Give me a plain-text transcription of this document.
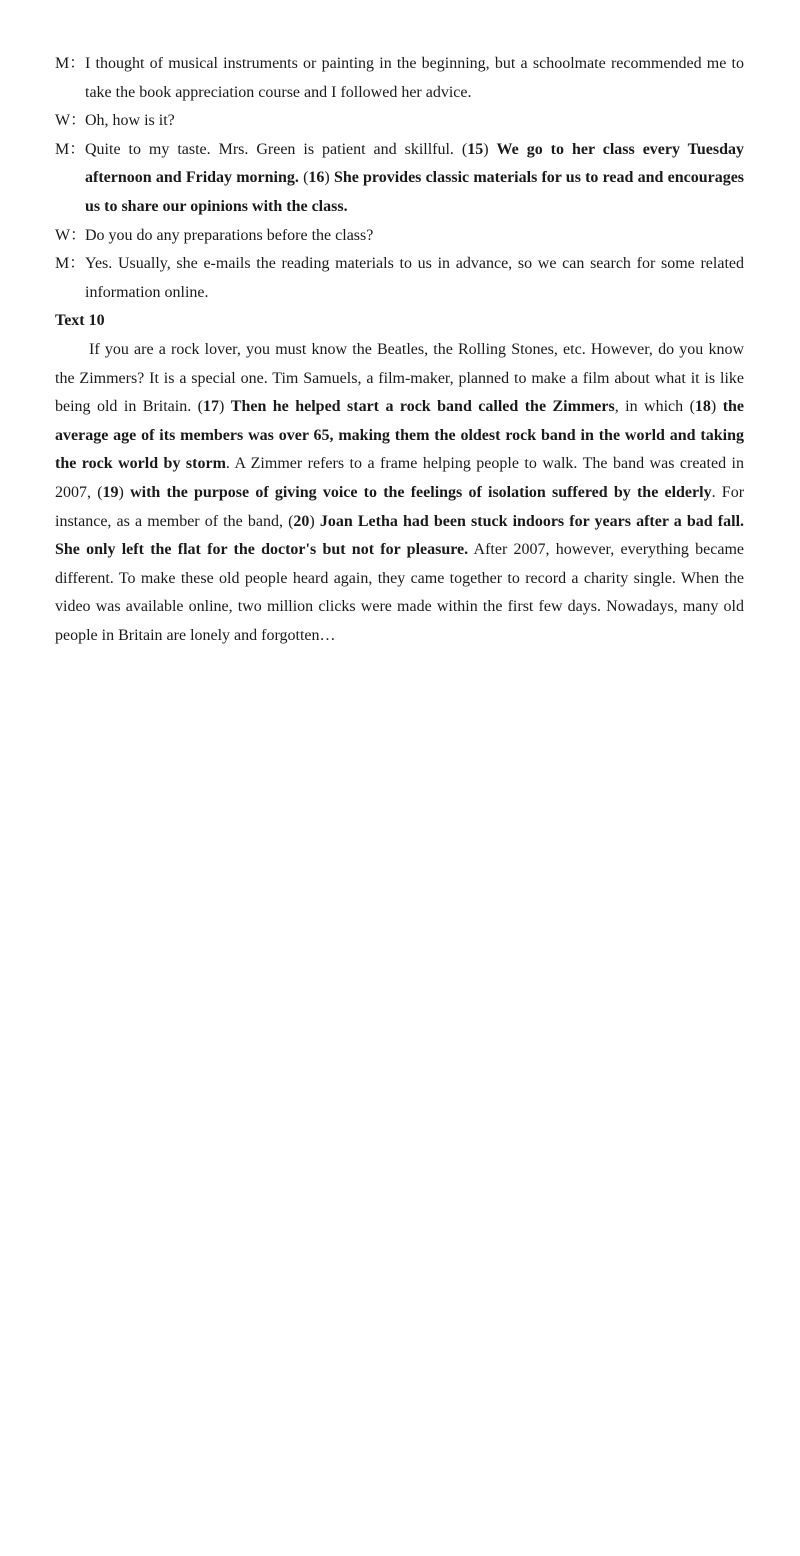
M：I thought of musical instruments or painting in the beginning, but a schoolmate recommended me to take the book appreciation course and I followed her advice.

W：Oh, how is it?

M：Quite to my taste. Mrs. Green is patient and skillful. (15) We go to her class every Tuesday afternoon and Friday morning. (16) She provides classic materials for us to read and encourages us to share our opinions with the class.

W：Do you do any preparations before the class?

M：Yes. Usually, she e-mails the reading materials to us in advance, so we can search for some related information online.

Text 10

If you are a rock lover, you must know the Beatles, the Rolling Stones, etc. However, do you know the Zimmers? It is a special one. Tim Samuels, a film-maker, planned to make a film about what it is like being old in Britain. (17) Then he helped start a rock band called the Zimmers, in which (18) the average age of its members was over 65, making them the oldest rock band in the world and taking the rock world by storm. A Zimmer refers to a frame helping people to walk. The band was created in 2007, (19) with the purpose of giving voice to the feelings of isolation suffered by the elderly. For instance, as a member of the band, (20) Joan Letha had been stuck indoors for years after a bad fall. She only left the flat for the doctor's but not for pleasure. After 2007, however, everything became different. To make these old people heard again, they came together to record a charity single. When the video was available online, two million clicks were made within the first few days. Nowadays, many old people in Britain are lonely and forgotten…
